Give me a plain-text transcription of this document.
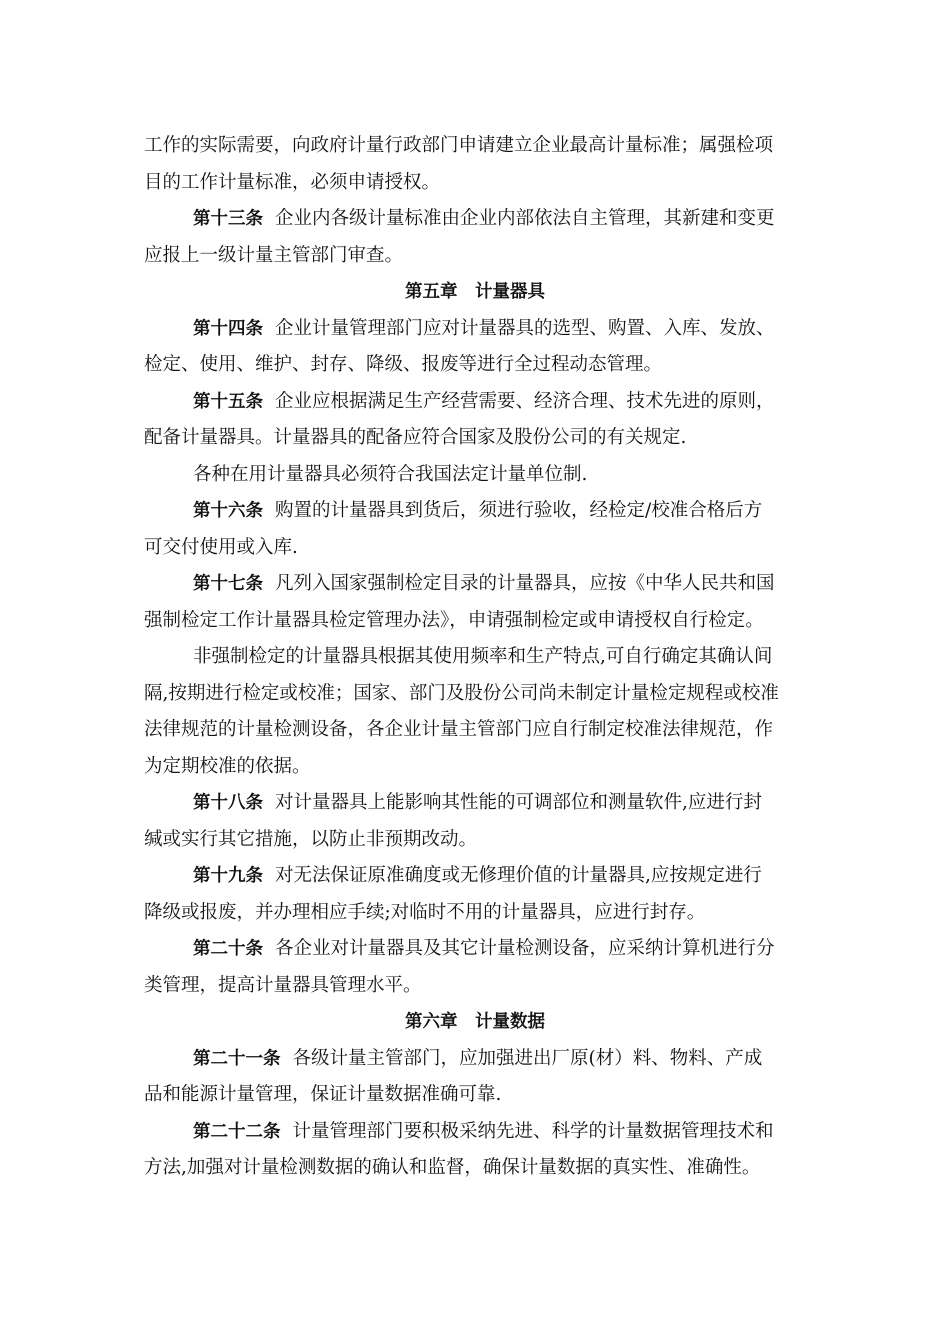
工作的实际需要，向政府计量行政部门申请建立企业最高计量标准；属强检项

目的工作计量标准，必须申请授权。

第十三条 企业内各级计量标准由企业内部依法自主管理，其新建和变更

应报上一级计量主管部门审查。

第五章　计量器具

第十四条 企业计量管理部门应对计量器具的选型、购置、入库、发放、

检定、使用、维护、封存、降级、报废等进行全过程动态管理。

第十五条 企业应根据满足生产经营需要、经济合理、技术先进的原则，

配备计量器具。计量器具的配备应符合国家及股份公司的有关规定.

各种在用计量器具必须符合我国法定计量单位制.

第十六条 购置的计量器具到货后，须进行验收，经检定/校准合格后方

可交付使用或入库.

第十七条 凡列入国家强制检定目录的计量器具，应按《中华人民共和国

强制检定工作计量器具检定管理办法》，申请强制检定或申请授权自行检定。

非强制检定的计量器具根据其使用频率和生产特点,可自行确定其确认间

隔,按期进行检定或校准；国家、部门及股份公司尚未制定计量检定规程或校准

法律规范的计量检测设备，各企业计量主管部门应自行制定校准法律规范，作

为定期校准的依据。

第十八条 对计量器具上能影响其性能的可调部位和测量软件,应进行封

缄或实行其它措施，以防止非预期改动。

第十九条 对无法保证原准确度或无修理价值的计量器具,应按规定进行

降级或报废，并办理相应手续;对临时不用的计量器具，应进行封存。

第二十条 各企业对计量器具及其它计量检测设备，应采纳计算机进行分

类管理，提高计量器具管理水平。

第六章　计量数据

第二十一条 各级计量主管部门，应加强进出厂原(材）料、物料、产成

品和能源计量管理，保证计量数据准确可靠.

第二十二条 计量管理部门要积极采纳先进、科学的计量数据管理技术和

方法,加强对计量检测数据的确认和监督，确保计量数据的真实性、准确性。
